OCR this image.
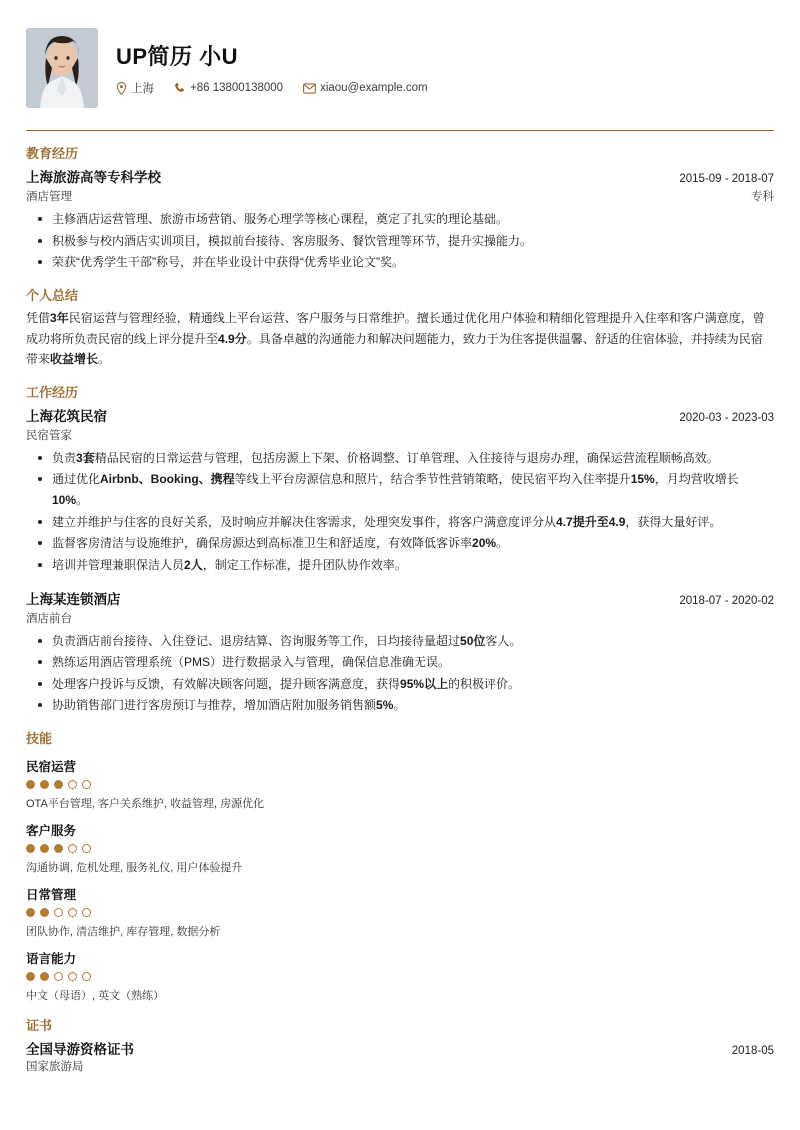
UP简历 小U
上海	+86 13800138000	xiaou@example.com
教育经历
上海旅游高等专科学校	2015-09 - 2018-07
酒店管理	专科
主修酒店运营管理、旅游市场营销、服务心理学等核心课程，奠定了扎实的理论基础。
积极参与校内酒店实训项目，模拟前台接待、客房服务、餐饮管理等环节，提升实操能力。
荣获“优秀学生干部”称号，并在毕业设计中获得“优秀毕业论文”奖。
个人总结

凭借3年民宿运营与管理经验，精通线上平台运营、客户服务与日常维护。擅长通过优化用户体验和精细化管理提升入住率和客户满意度，曾成功将所负责民宿的线上评分提升至4.9分。具备卓越的沟通能力和解决问题能力，致力于为住客提供温馨、舒适的住宿体验，并持续为民宿带来收益增长。

工作经历
上海花筑民宿	2020-03 - 2023-03
民宿管家
负责3套精品民宿的日常运营与管理，包括房源上下架、价格调整、订单管理、入住接待与退房办理，确保运营流程顺畅高效。
通过优化Airbnb、Booking、携程等线上平台房源信息和照片，结合季节性营销策略，使民宿平均入住率提升15%，月均营收增长10%。
建立并维护与住客的良好关系，及时响应并解决住客需求，处理突发事件，将客户满意度评分从4.7提升至4.9，获得大量好评。
监督客房清洁与设施维护，确保房源达到高标准卫生和舒适度，有效降低客诉率20%。
培训并管理兼职保洁人员2人，制定工作标准，提升团队协作效率。
上海某连锁酒店	2018-07 - 2020-02
酒店前台
负责酒店前台接待、入住登记、退房结算、咨询服务等工作，日均接待量超过50位客人。
熟练运用酒店管理系统（PMS）进行数据录入与管理，确保信息准确无误。
处理客户投诉与反馈，有效解决顾客问题，提升顾客满意度，获得95%以上的积极评价。
协助销售部门进行客房预订与推荐，增加酒店附加服务销售额5%。
技能
民宿运营
OTA平台管理, 客户关系维护, 收益管理, 房源优化
客户服务
沟通协调, 危机处理, 服务礼仪, 用户体验提升
日常管理
团队协作, 清洁维护, 库存管理, 数据分析
语言能力
中文（母语）, 英文（熟练）
证书
全国导游资格证书	2018-05
国家旅游局
